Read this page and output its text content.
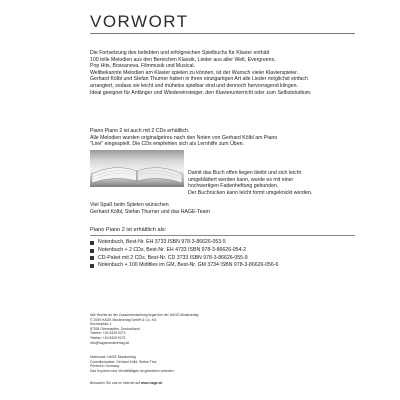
VORWORT

Die Fortsetzung des beliebten und erfolgreichen Spielbuchs für Klavier enthält

100 tolle Melodien aus den Bereichen Klassik, Lieder aus aller Welt, Evergreens,

Pop Hits, Bossanova, Filmmusik und Musical.

Weltbekannte Melodien am Klavier spielen zu können, ist der Wunsch vieler Klavierspieler.

Gerhard Kölbl und Stefan Thurner haben in ihren einzigartigen Art alle Lieder möglichst einfach

arrangiert, sodass sie leicht und mühelos spielbar sind und dennoch hervorragend klingen.

Ideal geeignet für Anfänger und Wiedereinsteiger, den Klavierunterricht oder zum Selbststudium.

Piano Piano 2 ist auch mit 2 CDs erhältlich.

Alle Melodien wurden originalgetreu nach den Noten von Gerhard Kölbl am Piano

"Live" eingespielt. Die CDs empfehlen sich als Lernhilfe zum Üben.

Damit das Buch offen liegen bleibt und sich leicht

umgeblättert werden kann, wurde es mit einer

hochwertigen Fadenheftung gebunden.

Der Buchrücken kann leicht formt umgeknickt werden.

Viel Spaß beim Spielen wünschen

Gerhard Kölbl, Stefan Thurner und das HAGE-Team

Piano Piano 2 ist erhältlich als:
Notenbuch, Best-Nr. EH 3733 ISBN 978-3-86626-053-5
Notenbuch + 2 CDs, Best-Nr. EH 4733 ISBN 978-3-86626-054-2
CD-Paket mit 2 CDs, Best-Nr. CD 3733 ISBN 978-3-86626-055-9
Notenbuch + 100 Midifiles im GM, Best-Nr. GM 3734 ISBN 978-3-86626-056-6

Alle Rechte an der Zusammenstellung liegen bei der HAGE Musikverlag

© 2009 HAGE Musikverlag GmbH & Co. KG

Kirchenplatz 1

87534 Oberstaufen, Deutschland

Telefon: +49 8325 9274

Telefax: +49 8325 9275

info@hagemusikverlag.de

Notensatz: HAGE Musikverlag

Coverillustration: Gerhard Kölbl, Stefan Thur

Printed in Germany

Das Kopieren und Vervielfältigen ist gesetzlich verboten.

Besuchen Sie uns im Internet auf www.hage.de
